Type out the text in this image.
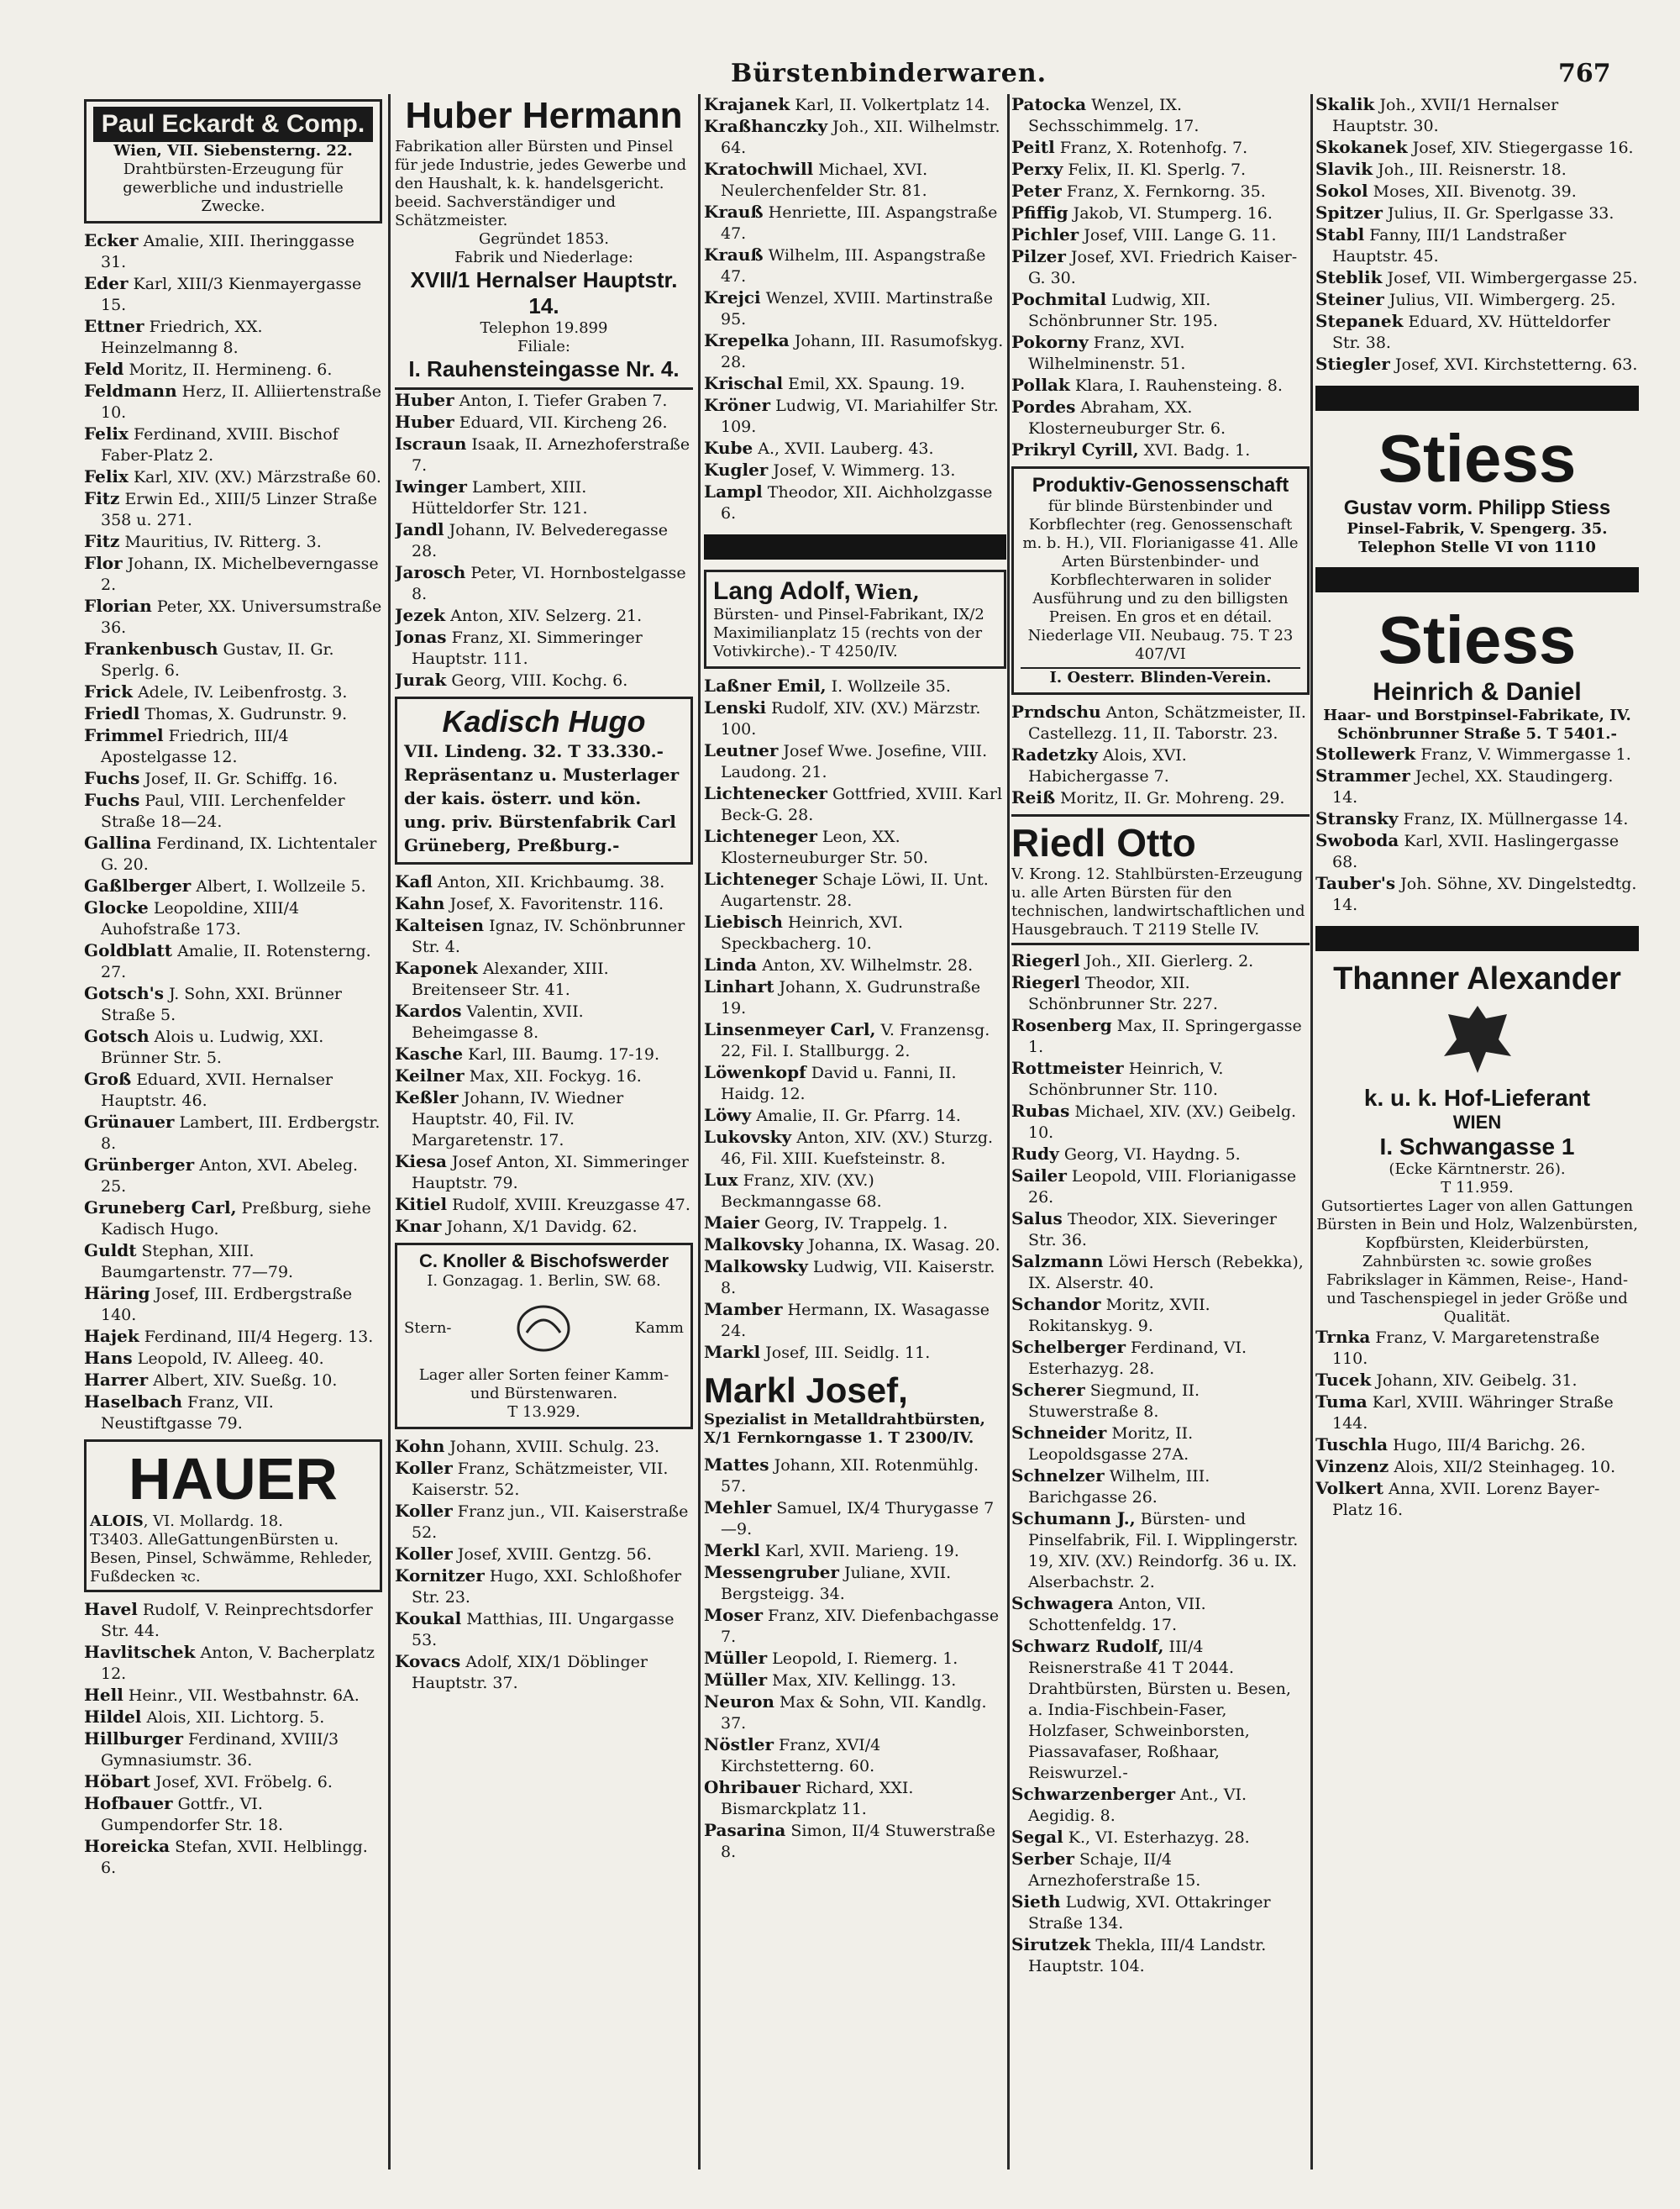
Bürstenbinderwaren.	767
Paul Eckardt & Comp.
Wien, VII. Siebensterng. 22.
Drahtbürsten-Erzeugung für gewerbliche und industrielle Zwecke.

Ecker Amalie, XIII. Iheringgasse 31.

Eder Karl, XIII/3 Kienmayergasse 15.

Ettner Friedrich, XX. Heinzelmanng 8.

Feld Moritz, II. Hermineng. 6.

Feldmann Herz, II. Alliiertenstraße 10.

Felix Ferdinand, XVIII. Bischof Faber-Platz 2.

Felix Karl, XIV. (XV.) Märzstraße 60.

Fitz Erwin Ed., XIII/5 Linzer Straße 358 u. 271.

Fitz Mauritius, IV. Ritterg. 3.

Flor Johann, IX. Michelbeverngasse 2.

Florian Peter, XX. Universumstraße 36.

Frankenbusch Gustav, II. Gr. Sperlg. 6.

Frick Adele, IV. Leibenfrostg. 3.

Friedl Thomas, X. Gudrunstr. 9.

Frimmel Friedrich, III/4 Apostelgasse 12.

Fuchs Josef, II. Gr. Schiffg. 16.

Fuchs Paul, VIII. Lerchenfelder Straße 18—24.

Gallina Ferdinand, IX. Lichtentaler G. 20.

Gaßlberger Albert, I. Wollzeile 5.

Glocke Leopoldine, XIII/4 Auhofstraße 173.

Goldblatt Amalie, II. Rotensterng. 27.

Gotsch's J. Sohn, XXI. Brünner Straße 5.

Gotsch Alois u. Ludwig, XXI. Brünner Str. 5.

Groß Eduard, XVII. Hernalser Hauptstr. 46.

Grünauer Lambert, III. Erdbergstr. 8.

Grünberger Anton, XVI. Abeleg. 25.

Gruneberg Carl, Preßburg, siehe Kadisch Hugo.

Guldt Stephan, XIII. Baumgartenstr. 77—79.

Häring Josef, III. Erdbergstraße 140.

Hajek Ferdinand, III/4 Hegerg. 13.

Hans Leopold, IV. Alleeg. 40.

Harrer Albert, XIV. Sueßg. 10.

Haselbach Franz, VII. Neustiftgasse 79.

HAUER
ALOIS, VI. Mollardg. 18.
T3403. AlleGattungenBürsten u. Besen, Pinsel, Schwämme, Rehleder, Fußdecken ꝛc.

Havel Rudolf, V. Reinprechtsdorfer Str. 44.

Havlitschek Anton, V. Bacherplatz 12.

Hell Heinr., VII. Westbahnstr. 6A.

Hildel Alois, XII. Lichtorg. 5.

Hillburger Ferdinand, XVIII/3 Gymnasiumstr. 36.

Höbart Josef, XVI. Fröbelg. 6.

Hofbauer Gottfr., VI. Gumpendorfer Str. 18.

Horeicka Stefan, XVII. Helblingg. 6.

Huber Hermann
Fabrikation aller Bürsten und Pinsel für jede Industrie, jedes Gewerbe und den Haushalt, k. k. handelsgericht. beeid. Sachverständiger und Schätzmeister.
Gegründet 1853.
Fabrik und Niederlage:
XVII/1 Hernalser Hauptstr. 14.
Telephon 19.899
Filiale:
I. Rauhensteingasse Nr. 4.

Huber Anton, I. Tiefer Graben 7.

Huber Eduard, VII. Kircheng 26.

Iscraun Isaak, II. Arnezhoferstraße 7.

Iwinger Lambert, XIII. Hütteldorfer Str. 121.

Jandl Johann, IV. Belvederegasse 28.

Jarosch Peter, VI. Hornbostelgasse 8.

Jezek Anton, XIV. Selzerg. 21.

Jonas Franz, XI. Simmeringer Hauptstr. 111.

Jurak Georg, VIII. Kochg. 6.

Kadisch Hugo
VII. Lindeng. 32. T 33.330.-Repräsentanz u. Musterlager der kais. österr. und kön. ung. priv. Bürstenfabrik Carl Grüneberg, Preßburg.-

Kafl Anton, XII. Krichbaumg. 38.

Kahn Josef, X. Favoritenstr. 116.

Kalteisen Ignaz, IV. Schönbrunner Str. 4.

Kaponek Alexander, XIII. Breitenseer Str. 41.

Kardos Valentin, XVII. Beheimgasse 8.

Kasche Karl, III. Baumg. 17-19.

Keilner Max, XII. Fockyg. 16.

Keßler Johann, IV. Wiedner Hauptstr. 40, Fil. IV. Margaretenstr. 17.

Kiesa Josef Anton, XI. Simmeringer Hauptstr. 79.

Kitiel Rudolf, XVIII. Kreuzgasse 47.

Knar Johann, X/1 Davidg. 62.

C. Knoller & Bischofswerder
I. Gonzagag. 1. Berlin, SW. 68.
Stern-	Kamm
Lager aller Sorten feiner Kamm- und Bürstenwaren.
T 13.929.

Kohn Johann, XVIII. Schulg. 23.

Koller Franz, Schätzmeister, VII. Kaiserstr. 52.

Koller Franz jun., VII. Kaiserstraße 52.

Koller Josef, XVIII. Gentzg. 56.

Kornitzer Hugo, XXI. Schloßhofer Str. 23.

Koukal Matthias, III. Ungargasse 53.

Kovacs Adolf, XIX/1 Döblinger Hauptstr. 37.

Krajanek Karl, II. Volkertplatz 14.

Kraßhanczky Joh., XII. Wilhelmstr. 64.

Kratochwill Michael, XVI. Neulerchenfelder Str. 81.

Krauß Henriette, III. Aspangstraße 47.

Krauß Wilhelm, III. Aspangstraße 47.

Krejci Wenzel, XVIII. Martinstraße 95.

Krepelka Johann, III. Rasumofskyg. 28.

Krischal Emil, XX. Spaung. 19.

Kröner Ludwig, VI. Mariahilfer Str. 109.

Kube A., XVII. Lauberg. 43.

Kugler Josef, V. Wimmerg. 13.

Lampl Theodor, XII. Aichholzgasse 6.

Lang Adolf, Wien,
Bürsten- und Pinsel-Fabrikant, IX/2 Maximilianplatz 15 (rechts von der Votivkirche).- T 4250/IV.

Laßner Emil, I. Wollzeile 35.

Lenski Rudolf, XIV. (XV.) Märzstr. 100.

Leutner Josef Wwe. Josefine, VIII. Laudong. 21.

Lichtenecker Gottfried, XVIII. Karl Beck-G. 28.

Lichteneger Leon, XX. Klosterneuburger Str. 50.

Lichteneger Schaje Löwi, II. Unt. Augartenstr. 28.

Liebisch Heinrich, XVI. Speckbacherg. 10.

Linda Anton, XV. Wilhelmstr. 28.

Linhart Johann, X. Gudrunstraße 19.

Linsenmeyer Carl, V. Franzensg. 22, Fil. I. Stallburgg. 2.

Löwenkopf David u. Fanni, II. Haidg. 12.

Löwy Amalie, II. Gr. Pfarrg. 14.

Lukovsky Anton, XIV. (XV.) Sturzg. 46, Fil. XIII. Kuefsteinstr. 8.

Lux Franz, XIV. (XV.) Beckmanngasse 68.

Maier Georg, IV. Trappelg. 1.

Malkovsky Johanna, IX. Wasag. 20.

Malkowsky Ludwig, VII. Kaiserstr. 8.

Mamber Hermann, IX. Wasagasse 24.

Markl Josef, III. Seidlg. 11.

Markl Josef,
Spezialist in Metalldrahtbürsten, X/1 Fernkorngasse 1. T 2300/IV.

Mattes Johann, XII. Rotenmühlg. 57.

Mehler Samuel, IX/4 Thurygasse 7—9.

Merkl Karl, XVII. Marieng. 19.

Messengruber Juliane, XVII. Bergsteigg. 34.

Moser Franz, XIV. Diefenbachgasse 7.

Müller Leopold, I. Riemerg. 1.

Müller Max, XIV. Kellingg. 13.

Neuron Max & Sohn, VII. Kandlg. 37.

Nöstler Franz, XVI/4 Kirchstetterng. 60.

Ohribauer Richard, XXI. Bismarckplatz 11.

Pasarina Simon, II/4 Stuwerstraße 8.

Patocka Wenzel, IX. Sechsschimmelg. 17.

Peitl Franz, X. Rotenhofg. 7.

Perxy Felix, II. Kl. Sperlg. 7.

Peter Franz, X. Fernkorng. 35.

Pfiffig Jakob, VI. Stumperg. 16.

Pichler Josef, VIII. Lange G. 11.

Pilzer Josef, XVI. Friedrich Kaiser-G. 30.

Pochmital Ludwig, XII. Schönbrunner Str. 195.

Pokorny Franz, XVI. Wilhelminenstr. 51.

Pollak Klara, I. Rauhensteing. 8.

Pordes Abraham, XX. Klosterneuburger Str. 6.

Prikryl Cyrill, XVI. Badg. 1.

Produktiv-Genossenschaft
für blinde Bürstenbinder und Korbflechter (reg. Genossenschaft m. b. H.), VII. Florianigasse 41. Alle Arten Bürstenbinder- und Korbflechterwaren in solider Ausführung und zu den billigsten Preisen. En gros et en détail. Niederlage VII. Neubaug. 75. T 23 407/VI
I. Oesterr. Blinden-Verein.

Prndschu Anton, Schätzmeister, II. Castellezg. 11, II. Taborstr. 23.

Radetzky Alois, XVI. Habichergasse 7.

Reiß Moritz, II. Gr. Mohreng. 29.

Riedl Otto
V. Krong. 12. Stahlbürsten-Erzeugung u. alle Arten Bürsten für den technischen, landwirtschaftlichen und Hausgebrauch. T 2119 Stelle IV.

Riegerl Joh., XII. Gierlerg. 2.

Riegerl Theodor, XII. Schönbrunner Str. 227.

Rosenberg Max, II. Springergasse 1.

Rottmeister Heinrich, V. Schönbrunner Str. 110.

Rubas Michael, XIV. (XV.) Geibelg. 10.

Rudy Georg, VI. Haydng. 5.

Sailer Leopold, VIII. Florianigasse 26.

Salus Theodor, XIX. Sieveringer Str. 36.

Salzmann Löwi Hersch (Rebekka), IX. Alserstr. 40.

Schandor Moritz, XVII. Rokitanskyg. 9.

Schelberger Ferdinand, VI. Esterhazyg. 28.

Scherer Siegmund, II. Stuwerstraße 8.

Schneider Moritz, II. Leopoldsgasse 27A.

Schnelzer Wilhelm, III. Barichgasse 26.

Schumann J., Bürsten- und Pinselfabrik, Fil. I. Wipplingerstr. 19, XIV. (XV.) Reindorfg. 36 u. IX. Alserbachstr. 2.

Schwagera Anton, VII. Schottenfeldg. 17.

Schwarz Rudolf, III/4 Reisnerstraße 41 T 2044. Drahtbürsten, Bürsten u. Besen, a. India-Fischbein-Faser, Holzfaser, Schweinborsten, Piassavafaser, Roßhaar, Reiswurzel.-

Schwarzenberger Ant., VI. Aegidig. 8.

Segal K., VI. Esterhazyg. 28.

Serber Schaje, II/4 Arnezhoferstraße 15.

Sieth Ludwig, XVI. Ottakringer Straße 134.

Sirutzek Thekla, III/4 Landstr. Hauptstr. 104.

Skalik Joh., XVII/1 Hernalser Hauptstr. 30.

Skokanek Josef, XIV. Stiegergasse 16.

Slavik Joh., III. Reisnerstr. 18.

Sokol Moses, XII. Bivenotg. 39.

Spitzer Julius, II. Gr. Sperlgasse 33.

Stabl Fanny, III/1 Landstraßer Hauptstr. 45.

Steblik Josef, VII. Wimbergergasse 25.

Steiner Julius, VII. Wimbergerg. 25.

Stepanek Eduard, XV. Hütteldorfer Str. 38.

Stiegler Josef, XVI. Kirchstetterng. 63.

Stiess
Gustav vorm. Philipp Stiess
Pinsel-Fabrik, V. Spengerg. 35. Telephon Stelle VI von 1110
Stiess
Heinrich & Daniel
Haar- und Borstpinsel-Fabrikate, IV. Schönbrunner Straße 5. T 5401.-

Stollewerk Franz, V. Wimmergasse 1.

Strammer Jechel, XX. Staudingerg. 14.

Stransky Franz, IX. Müllnergasse 14.

Swoboda Karl, XVII. Haslingergasse 68.

Tauber's Joh. Söhne, XV. Dingelstedtg. 14.

Thanner Alexander
k. u. k. Hof-Lieferant
WIEN
I. Schwangasse 1
(Ecke Kärntnerstr. 26).
T 11.959.
Gutsortiertes Lager von allen Gattungen Bürsten in Bein und Holz, Walzenbürsten, Kopfbürsten, Kleiderbürsten, Zahnbürsten ꝛc. sowie großes Fabrikslager in Kämmen, Reise-, Hand- und Taschenspiegel in jeder Größe und Qualität.

Trnka Franz, V. Margaretenstraße 110.

Tucek Johann, XIV. Geibelg. 31.

Tuma Karl, XVIII. Währinger Straße 144.

Tuschla Hugo, III/4 Barichg. 26.

Vinzenz Alois, XII/2 Steinhageg. 10.

Volkert Anna, XVII. Lorenz Bayer-Platz 16.
